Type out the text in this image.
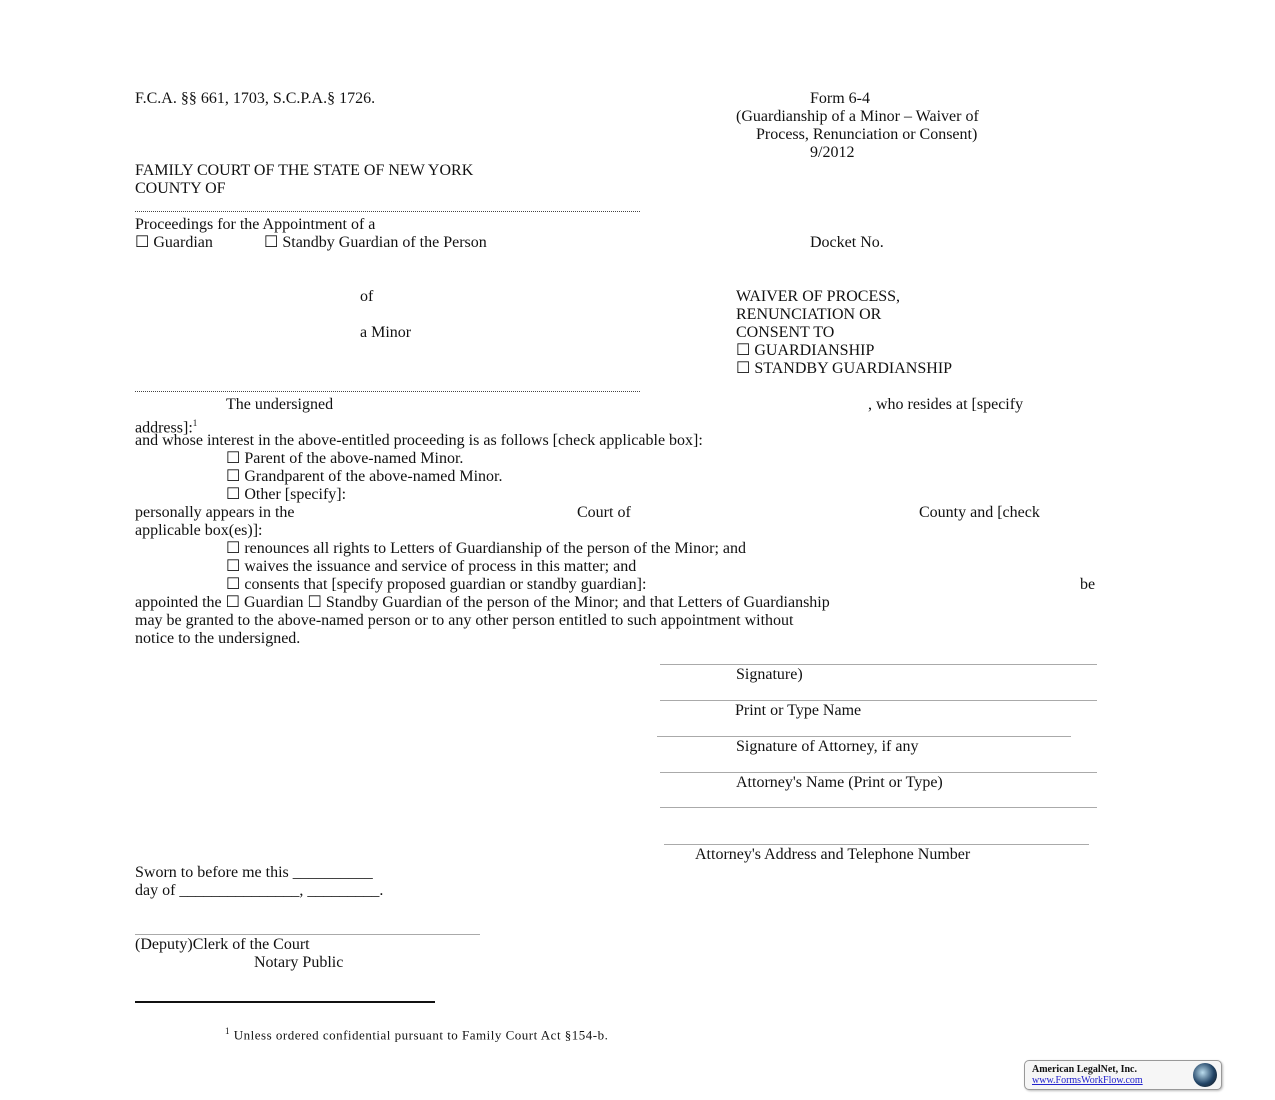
F.C.A. §§ 661, 1703, S.C.P.A.§ 1726.	Form 6-4
(Guardianship of a Minor – Waiver of
Process, Renunciation or Consent)
9/2012
FAMILY COURT OF THE STATE OF NEW YORK
COUNTY OF
Proceedings for the Appointment of a
☐ Guardian	☐ Standby Guardian of the Person	Docket No.
of
a Minor
WAIVER OF PROCESS,
RENUNCIATION OR
CONSENT TO
☐ GUARDIANSHIP
☐ STANDBY GUARDIANSHIP
The undersigned	, who resides at [specify
address]:$^1$
and whose interest in the above-entitled proceeding is as follows [check applicable box]:
☐ Parent of the above-named Minor.
☐ Grandparent of the above-named Minor.
☐ Other [specify]:
personally appears in the	Court of	County and [check
applicable box(es)]:
☐ renounces all rights to Letters of Guardianship of the person of the Minor; and
☐ waives the issuance and service of process in this matter; and
☐ consents that [specify proposed guardian or standby guardian]:	be
appointed the ☐ Guardian ☐ Standby Guardian of the person of the Minor; and that Letters of Guardianship
may be granted to the above-named person or to any other person entitled to such appointment without
notice to the undersigned.
Signature)
Print or Type Name
Signature of Attorney, if any
Attorney's Name (Print or Type)
Attorney's Address and Telephone Number
Sworn to before me this __________
day of _______________, _________.
(Deputy)Clerk of the Court
Notary Public
$^1$ Unless ordered confidential pursuant to Family Court Act §154-b.
American LegalNet, Inc.
www.FormsWorkFlow.com
